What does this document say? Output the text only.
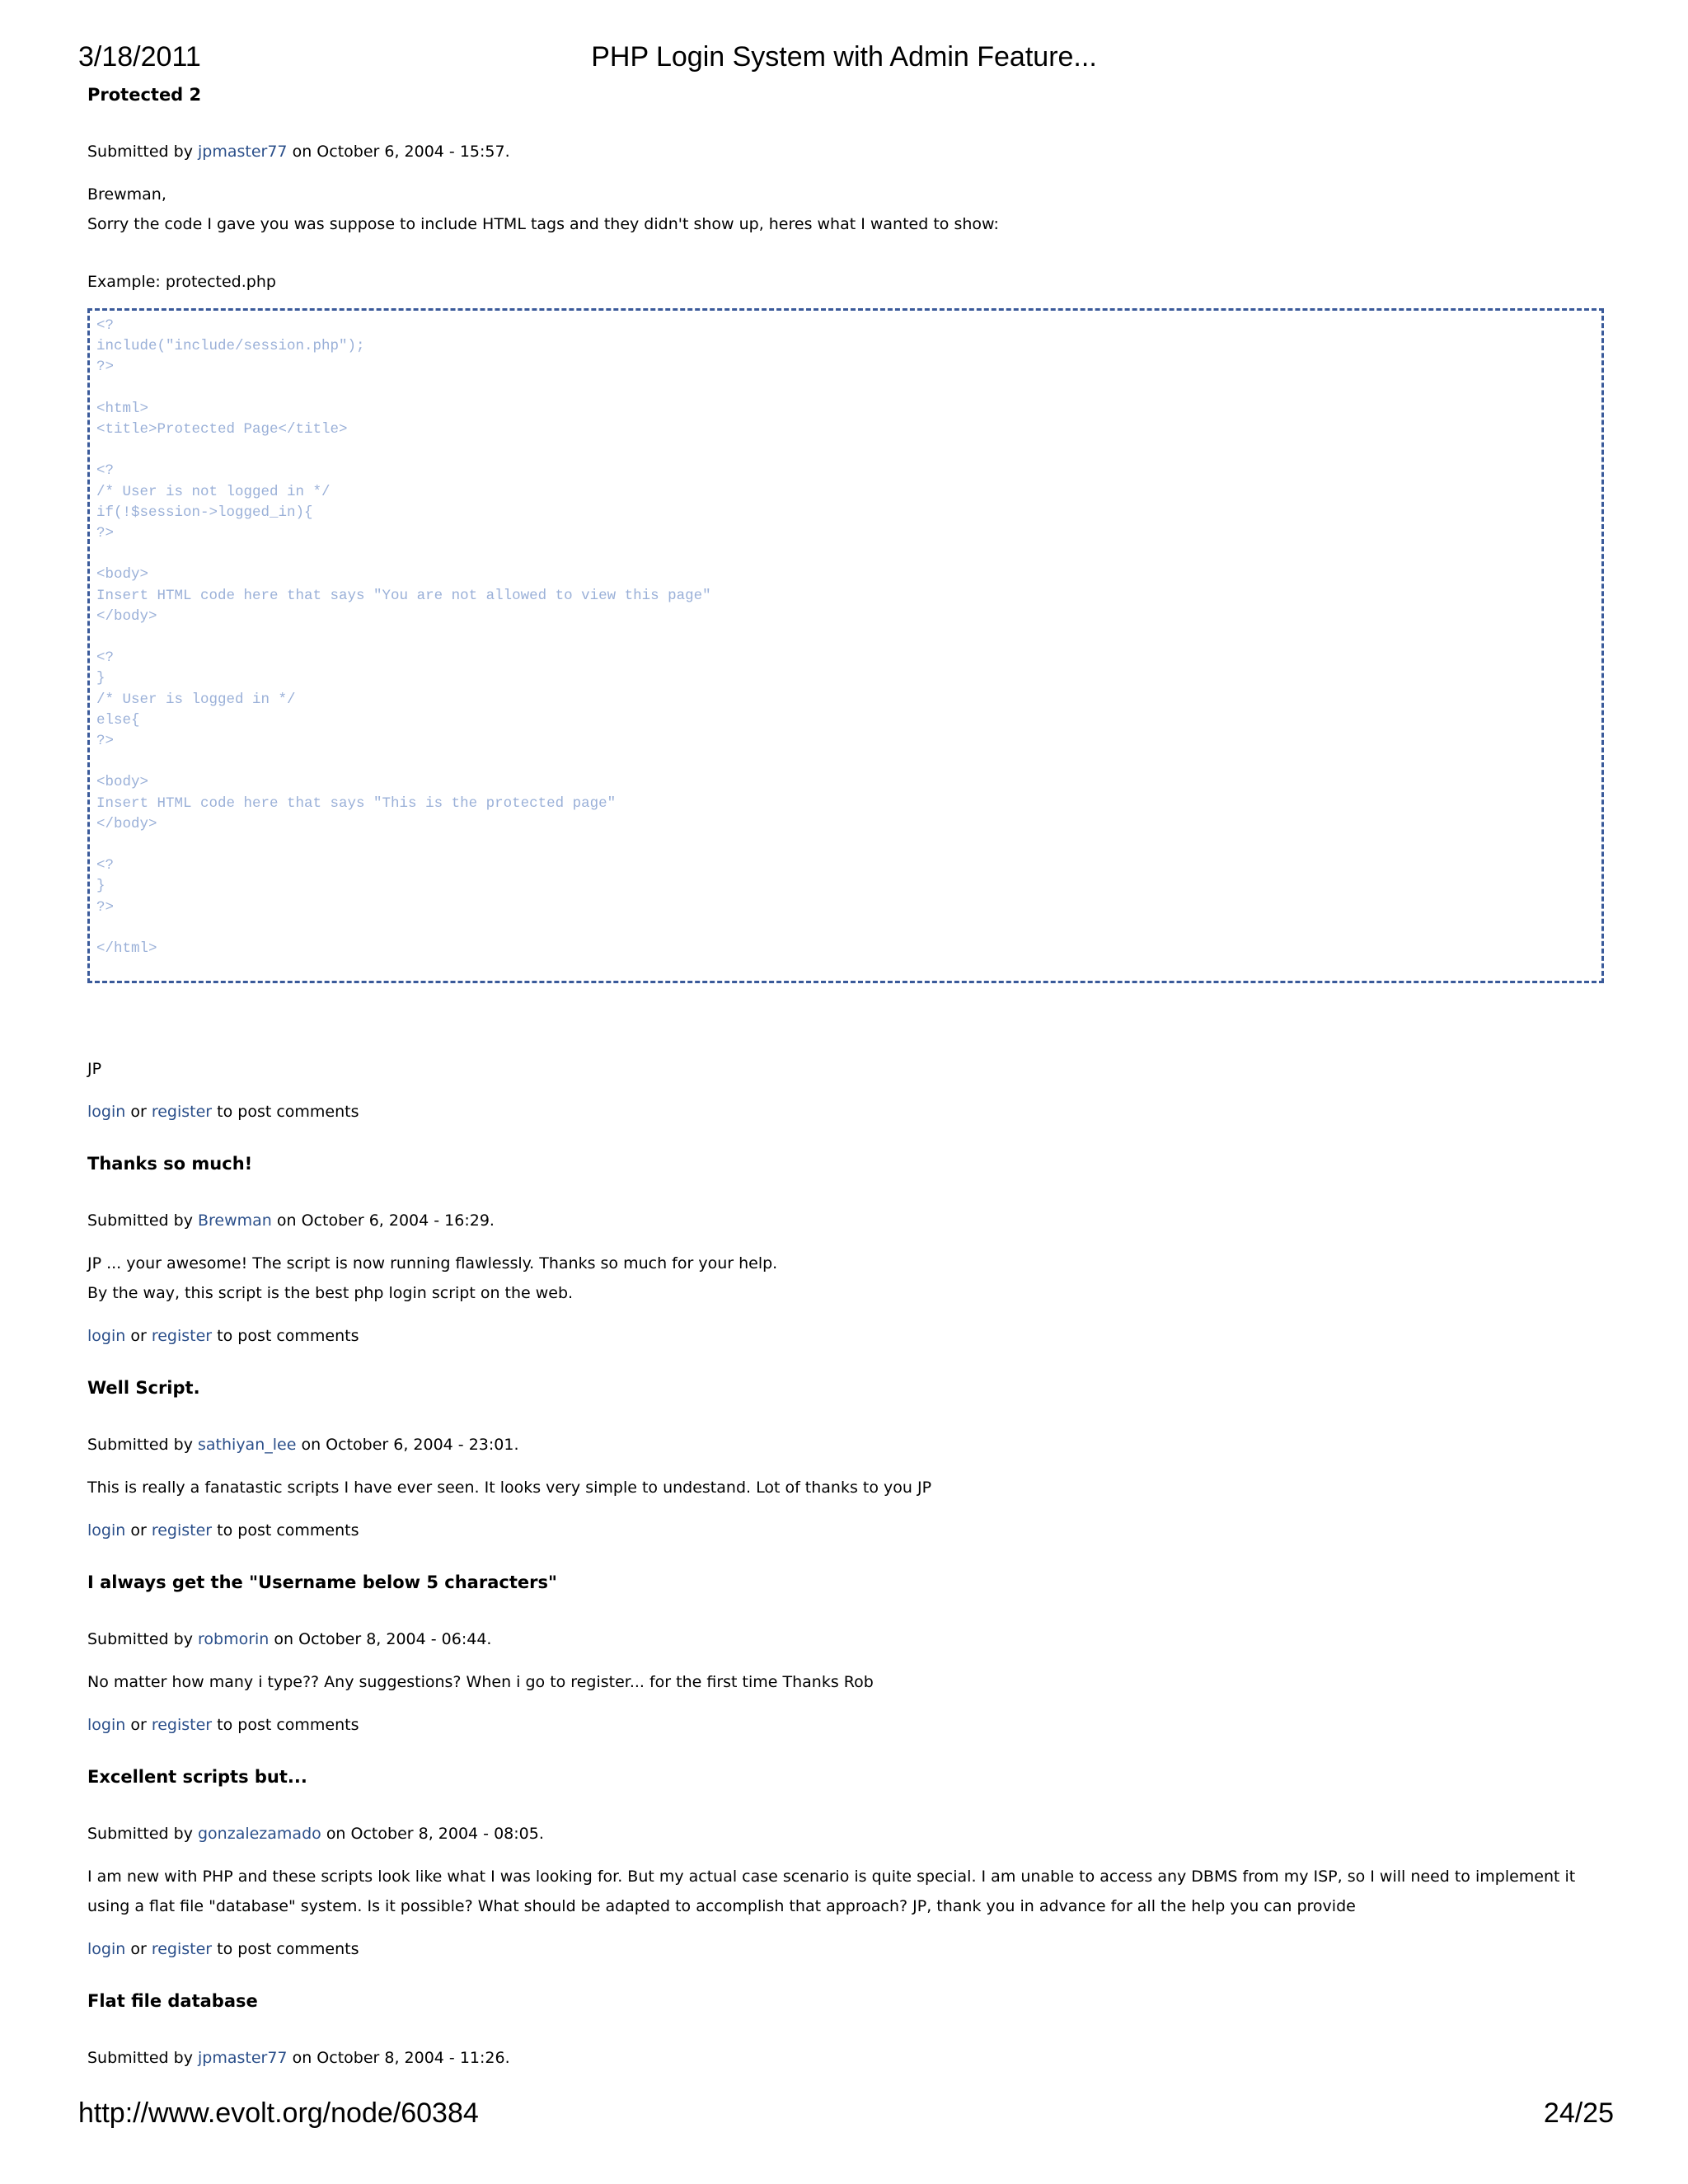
3/18/2011	PHP Login System with Admin Feature...
Protected 2

Submitted by jpmaster77 on October 6, 2004 - 15:57.

Brewman,

Sorry the code I gave you was suppose to include HTML tags and they didn't show up, heres what I wanted to show:

Example: protected.php

<?
include("include/session.php");
?>
<html>
<title>Protected Page</title>
<?
/* User is not logged in */
if(!$session->logged_in){
?>
<body>
Insert HTML code here that says "You are not allowed to view this page"
</body>
<?
}
/* User is logged in */
else{
?>
<body>
Insert HTML code here that says "This is the protected page"
</body>
<?
}
?>
</html>

JP

login or register to post comments

Thanks so much!

Submitted by Brewman on October 6, 2004 - 16:29.

JP ... your awesome! The script is now running flawlessly. Thanks so much for your help.

By the way, this script is the best php login script on the web.

login or register to post comments

Well Script.

Submitted by sathiyan_lee on October 6, 2004 - 23:01.

This is really a fanatastic scripts I have ever seen. It looks very simple to undestand. Lot of thanks to you JP

login or register to post comments

I always get the "Username below 5 characters"

Submitted by robmorin on October 8, 2004 - 06:44.

No matter how many i type?? Any suggestions? When i go to register... for the first time Thanks Rob

login or register to post comments

Excellent scripts but...

Submitted by gonzalezamado on October 8, 2004 - 08:05.

I am new with PHP and these scripts look like what I was looking for. But my actual case scenario is quite special. I am unable to access any DBMS from my ISP, so I will need to implement it

using a flat file "database" system. Is it possible? What should be adapted to accomplish that approach? JP, thank you in advance for all the help you can provide

login or register to post comments

Flat file database

Submitted by jpmaster77 on October 8, 2004 - 11:26.

http://www.evolt.org/node/60384	24/25
